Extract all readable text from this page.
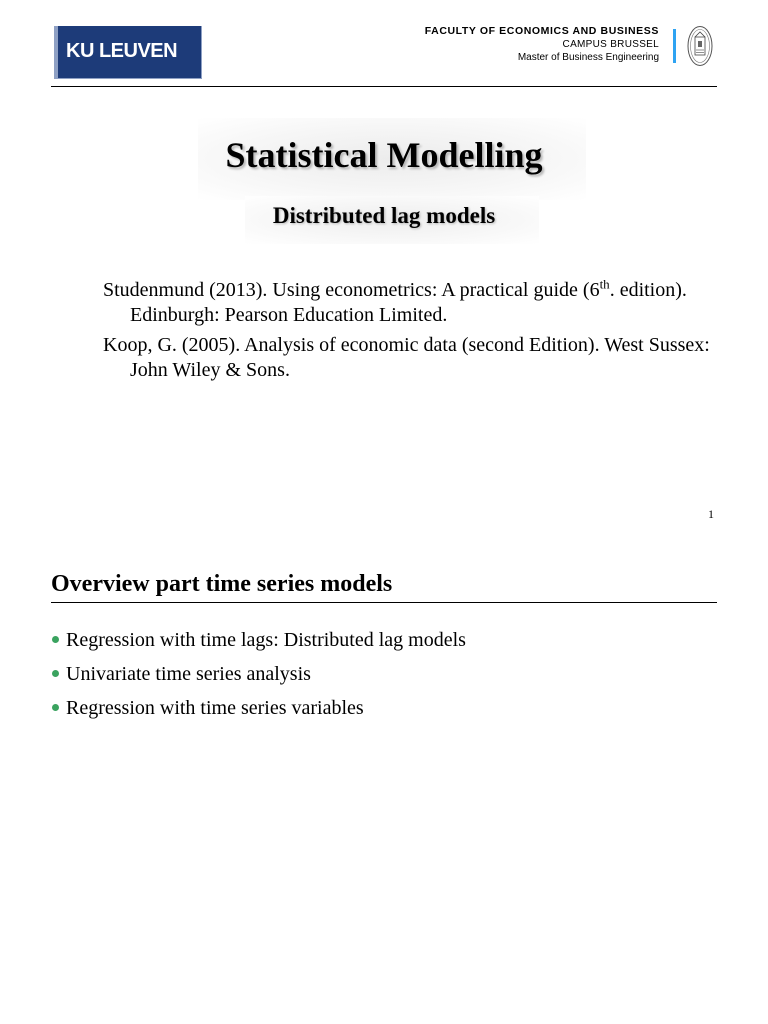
KU LEUVEN
FACULTY OF ECONOMICS AND BUSINESS
CAMPUS BRUSSEL
Master of Business Engineering
Statistical Modelling
Distributed lag models
Studenmund (2013). Using econometrics: A practical guide (6th. edition). Edinburgh: Pearson Education Limited.
Koop, G. (2005). Analysis of economic data (second Edition). West Sussex: John Wiley & Sons.
1
Overview part time series models
Regression with time lags: Distributed lag models
Univariate time series analysis
Regression with time series variables
